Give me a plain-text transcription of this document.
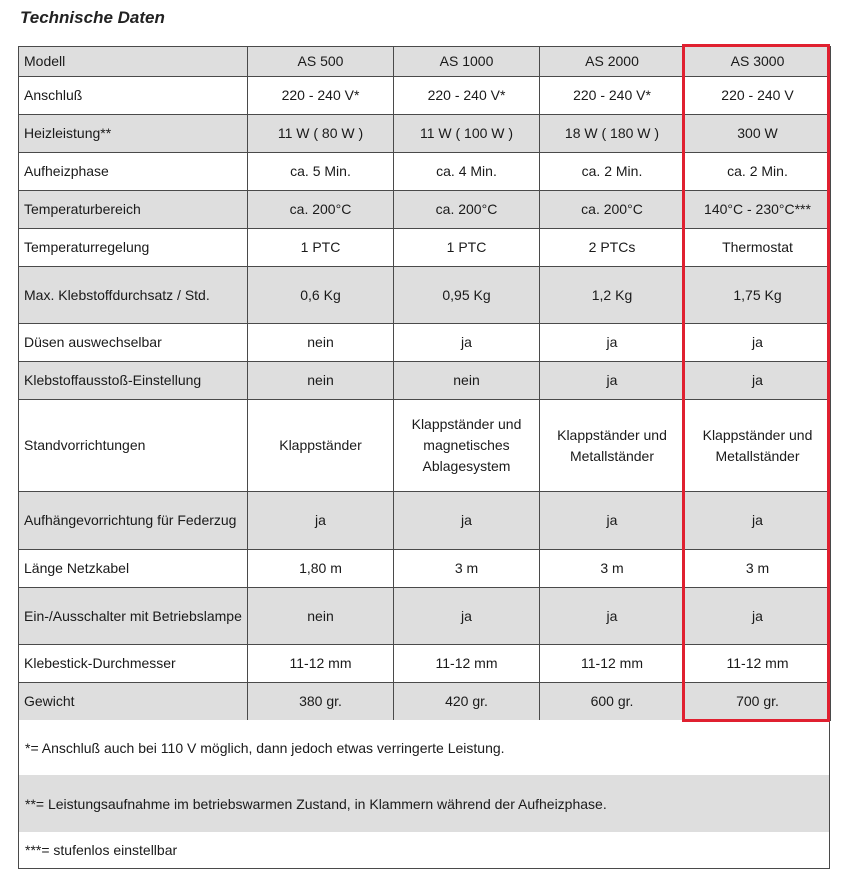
Technische Daten
Modell	AS 500	AS 1000	AS 2000	AS 3000
Anschluß	220 - 240 V*	220 - 240 V*	220 - 240 V*	220 - 240 V
Heizleistung**	11 W ( 80 W )	11 W ( 100 W )	18 W ( 180 W )	300 W
Aufheizphase	ca. 5 Min.	ca. 4 Min.	ca. 2 Min.	ca. 2 Min.
Temperaturbereich	ca. 200°C	ca. 200°C	ca. 200°C	140°C - 230°C***
Temperaturregelung	1 PTC	1 PTC	2 PTCs	Thermostat
Max. Klebstoffdurchsatz / Std.	0,6 Kg	0,95 Kg	1,2 Kg	1,75 Kg
Düsen auswechselbar	nein	ja	ja	ja
Klebstoffausstoß-Einstellung	nein	nein	ja	ja
Standvorrichtungen	Klappständer	Klappständer und magnetisches Ablagesystem	Klappständer und Metallständer	Klappständer und Metallständer
Aufhängevorrichtung für Federzug	ja	ja	ja	ja
Länge Netzkabel	1,80 m	3 m	3 m	3 m
Ein-/Ausschalter mit Betriebslampe	nein	ja	ja	ja
Klebestick-Durchmesser	11-12 mm	11-12 mm	11-12 mm	11-12 mm
Gewicht	380 gr.	420 gr.	600 gr.	700 gr.
*= Anschluß auch bei 110 V möglich, dann jedoch etwas verringerte Leistung.
**= Leistungsaufnahme im betriebswarmen Zustand, in Klammern während der Aufheizphase.
***= stufenlos einstellbar
